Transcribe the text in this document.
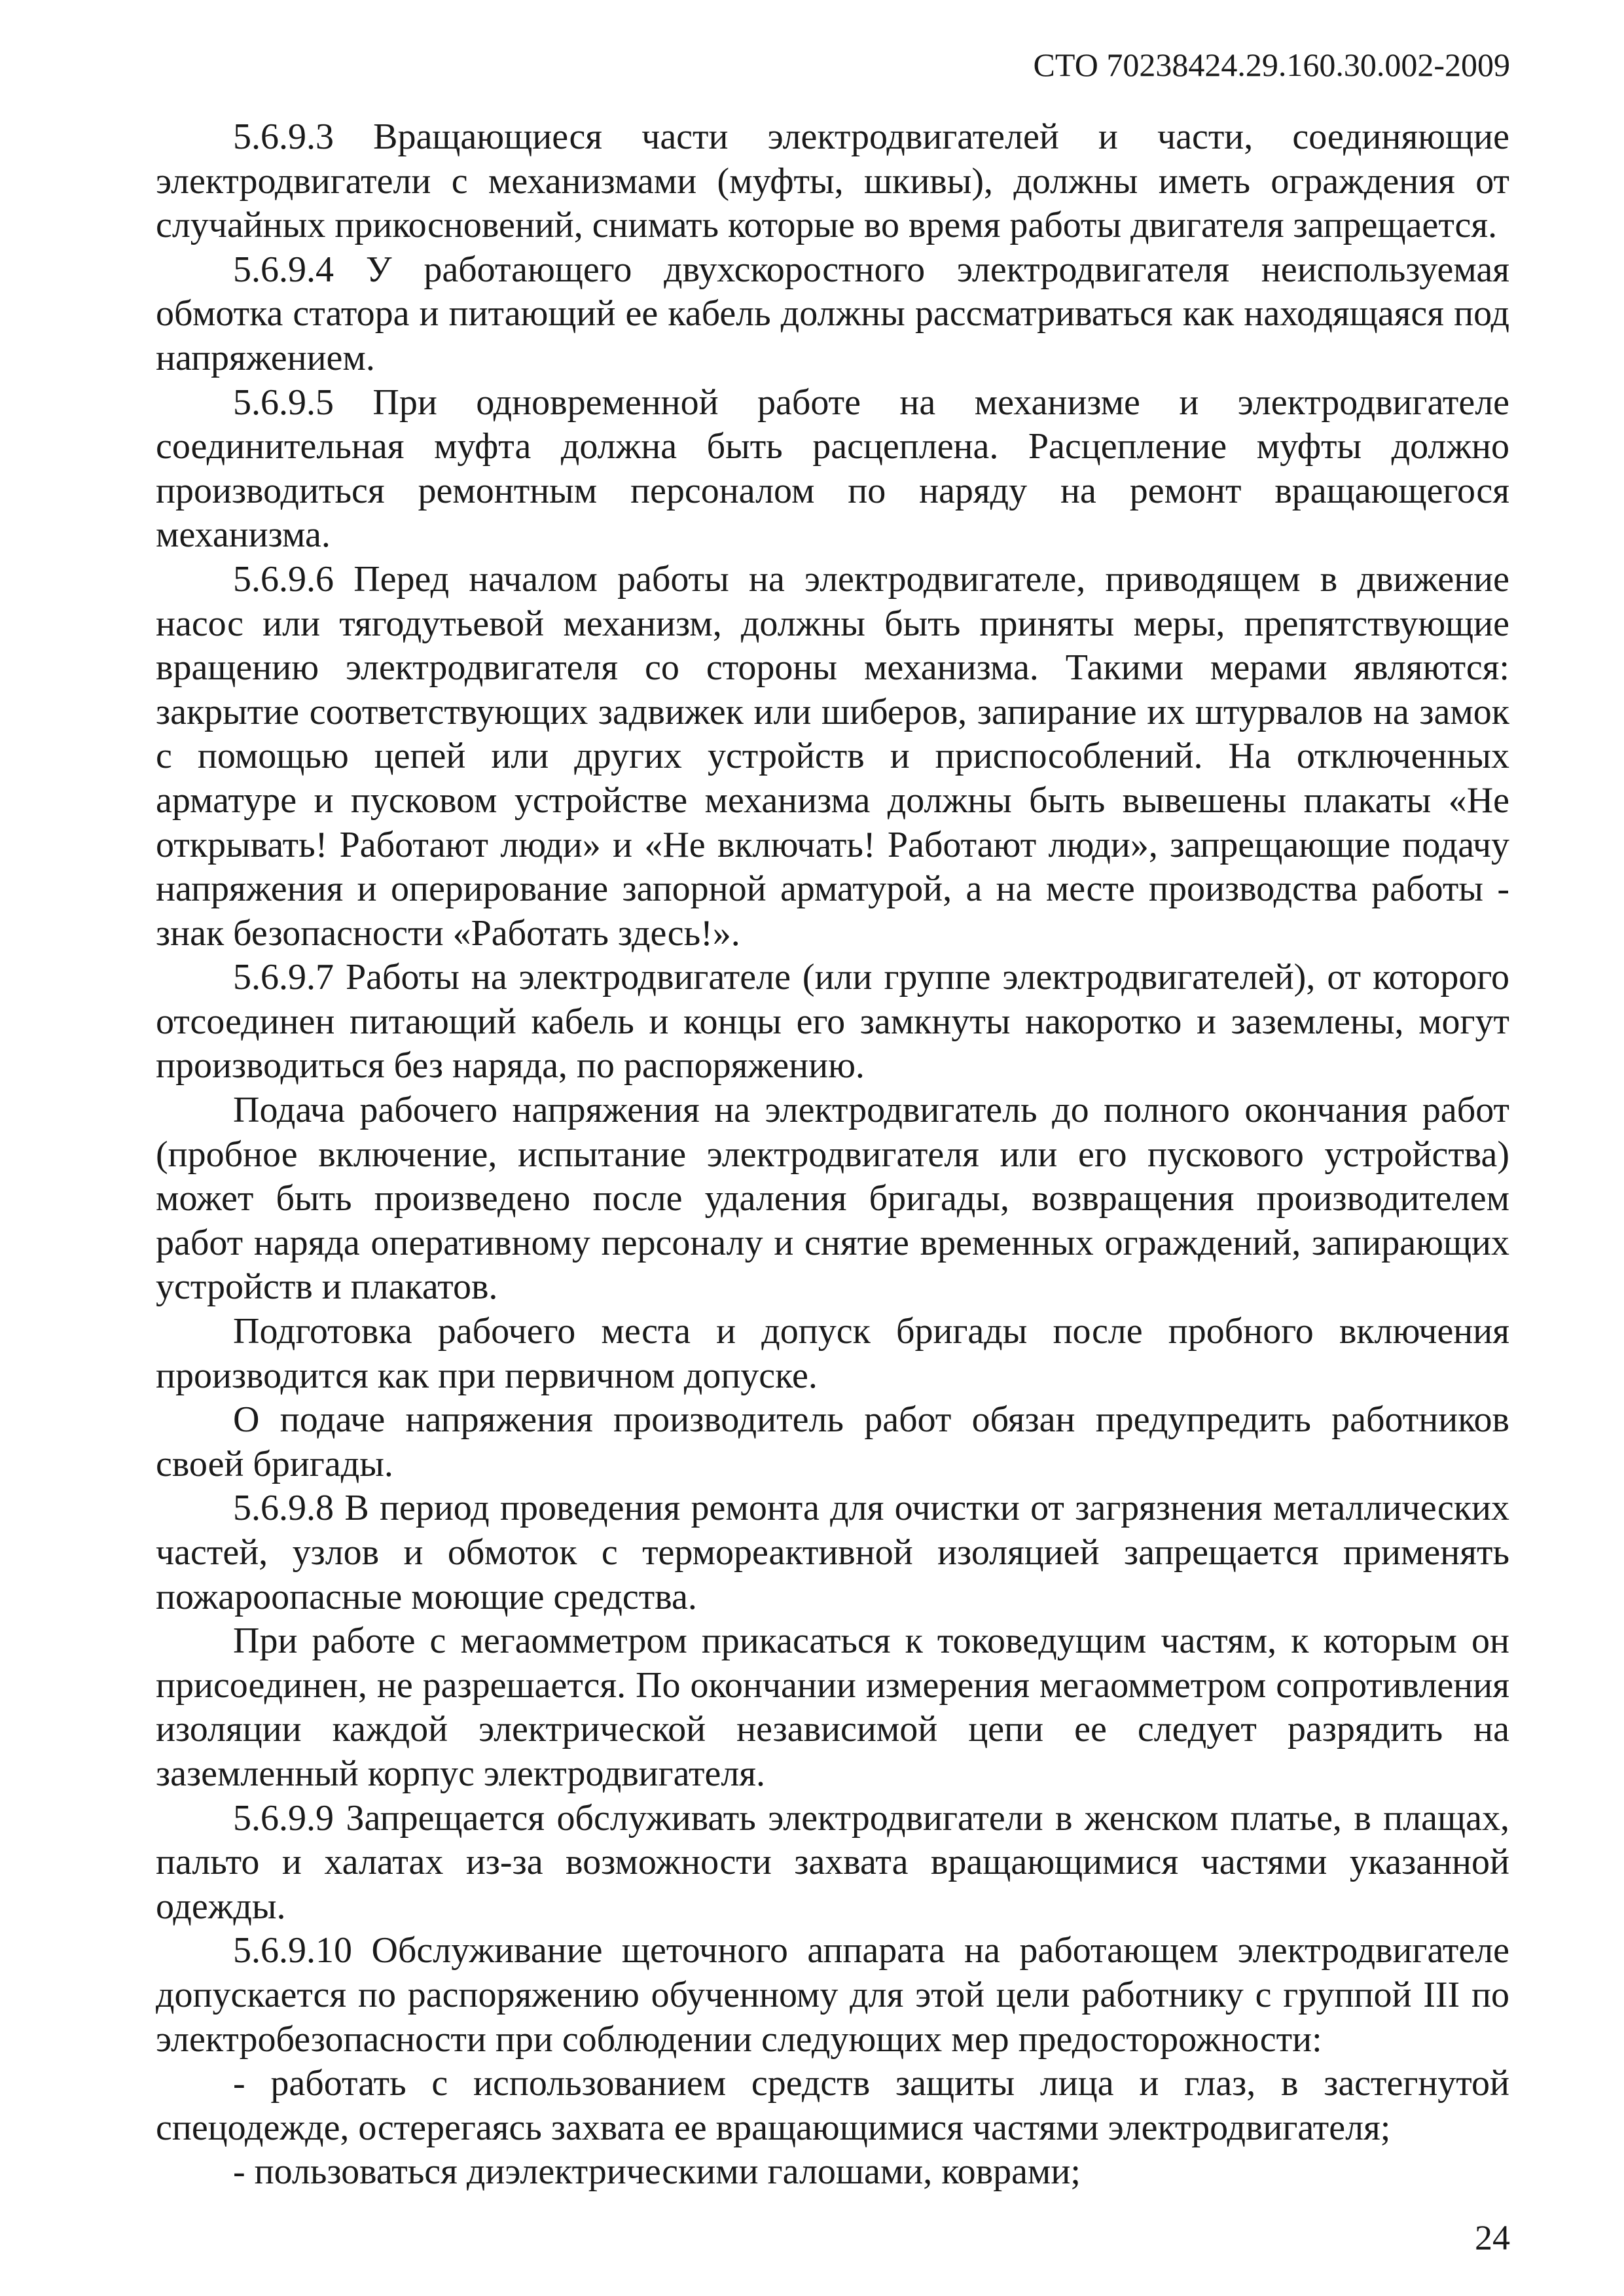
СТО 70238424.29.160.30.002-2009

5.6.9.3 Вращающиеся части электродвигателей и части, соединяющие электродвигатели с механизмами (муфты, шкивы), должны иметь ограждения от случайных прикосновений, снимать которые во время работы двигателя запрещается.

5.6.9.4 У работающего двухскоростного электродвигателя неиспользуемая обмотка статора и питающий ее кабель должны рассматриваться как находящаяся под напряжением.

5.6.9.5 При одновременной работе на механизме и электродвигателе соединительная муфта должна быть расцеплена. Расцепление муфты должно производиться ремонтным персоналом по наряду на ремонт вращающегося механизма.

5.6.9.6 Перед началом работы на электродвигателе, приводящем в движение насос или тягодутьевой механизм, должны быть приняты меры, препятствующие вращению электродвигателя со стороны механизма. Такими мерами являются: закрытие соответствующих задвижек или шиберов, запирание их штурвалов на замок с помощью цепей или других устройств и приспособлений. На отключенных арматуре и пусковом устройстве механизма должны быть вывешены плакаты «Не открывать! Работают люди» и «Не включать! Работают люди», запрещающие подачу напряжения и оперирование запорной арматурой, а на месте производства работы - знак безопасности «Работать здесь!».

5.6.9.7 Работы на электродвигателе (или группе электродвигателей), от которого отсоединен питающий кабель и концы его замкнуты накоротко и заземлены, могут производиться без наряда, по распоряжению.

Подача рабочего напряжения на электродвигатель до полного окончания работ (пробное включение, испытание электродвигателя или его пускового устройства) может быть произведено после удаления бригады, возвращения производителем работ наряда оперативному персоналу и снятие временных ограждений, запирающих устройств и плакатов.

Подготовка рабочего места и допуск бригады после пробного включения производится как при первичном допуске.

О подаче напряжения производитель работ обязан предупредить работников своей бригады.

5.6.9.8 В период проведения ремонта для очистки от загрязнения металлических частей, узлов и обмоток с термореактивной изоляцией запрещается применять пожароопасные моющие средства.

При работе с мегаомметром прикасаться к токоведущим частям, к которым он присоединен, не разрешается. По окончании измерения мегаомметром сопротивления изоляции каждой электрической независимой цепи ее следует разрядить на заземленный корпус электродвигателя.

5.6.9.9 Запрещается обслуживать электродвигатели в женском платье, в плащах, пальто и халатах из-за возможности захвата вращающимися частями указанной одежды.

5.6.9.10 Обслуживание щеточного аппарата на работающем электродвигателе допускается по распоряжению обученному для этой цели работнику с группой III по электробезопасности при соблюдении следующих мер предосторожности:

- работать с использованием средств защиты лица и глаз, в застегнутой спецодежде, остерегаясь захвата ее вращающимися частями электродвигателя;

- пользоваться диэлектрическими галошами, коврами;

24
